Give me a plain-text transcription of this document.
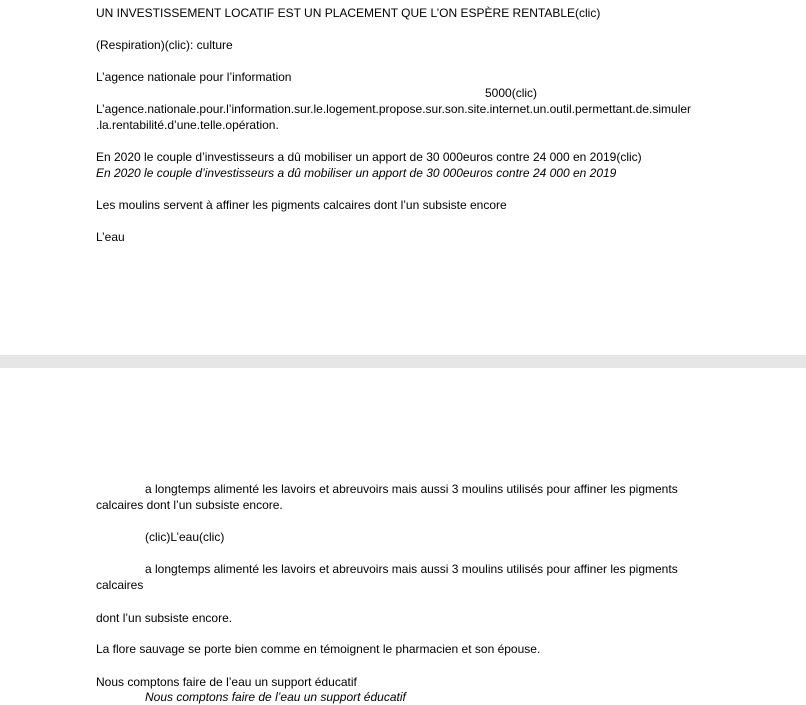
UN INVESTISSEMENT LOCATIF EST UN PLACEMENT QUE L’ON ESPÈRE RENTABLE(clic)
(Respiration)(clic): culture
L’agence nationale pour l’information
5000(clic)
L’agence.nationale.pour.l’information.sur.le.logement.propose.sur.son.site.internet.un.outil.permettant.de.simuler
.la.rentabilité.d’une.telle.opération.
En 2020 le couple d’investisseurs a dû mobiliser un apport de 30 000euros contre 24 000 en 2019(clic)
En 2020 le couple d’investisseurs a dû mobiliser un apport de 30 000euros contre 24 000 en 2019
Les moulins servent à affiner les pigments calcaires dont l’un subsiste encore
L’eau
a longtemps alimenté les lavoirs et abreuvoirs mais aussi 3 moulins utilisés pour affiner les pigments
calcaires dont l’un subsiste encore.
(clic)L’eau(clic)
a longtemps alimenté les lavoirs et abreuvoirs mais aussi 3 moulins utilisés pour affiner les pigments
calcaires
dont l’un subsiste encore.
La flore sauvage se porte bien comme en témoignent le pharmacien et son épouse.
Nous comptons faire de l’eau un support éducatif
Nous comptons faire de l’eau un support éducatif
